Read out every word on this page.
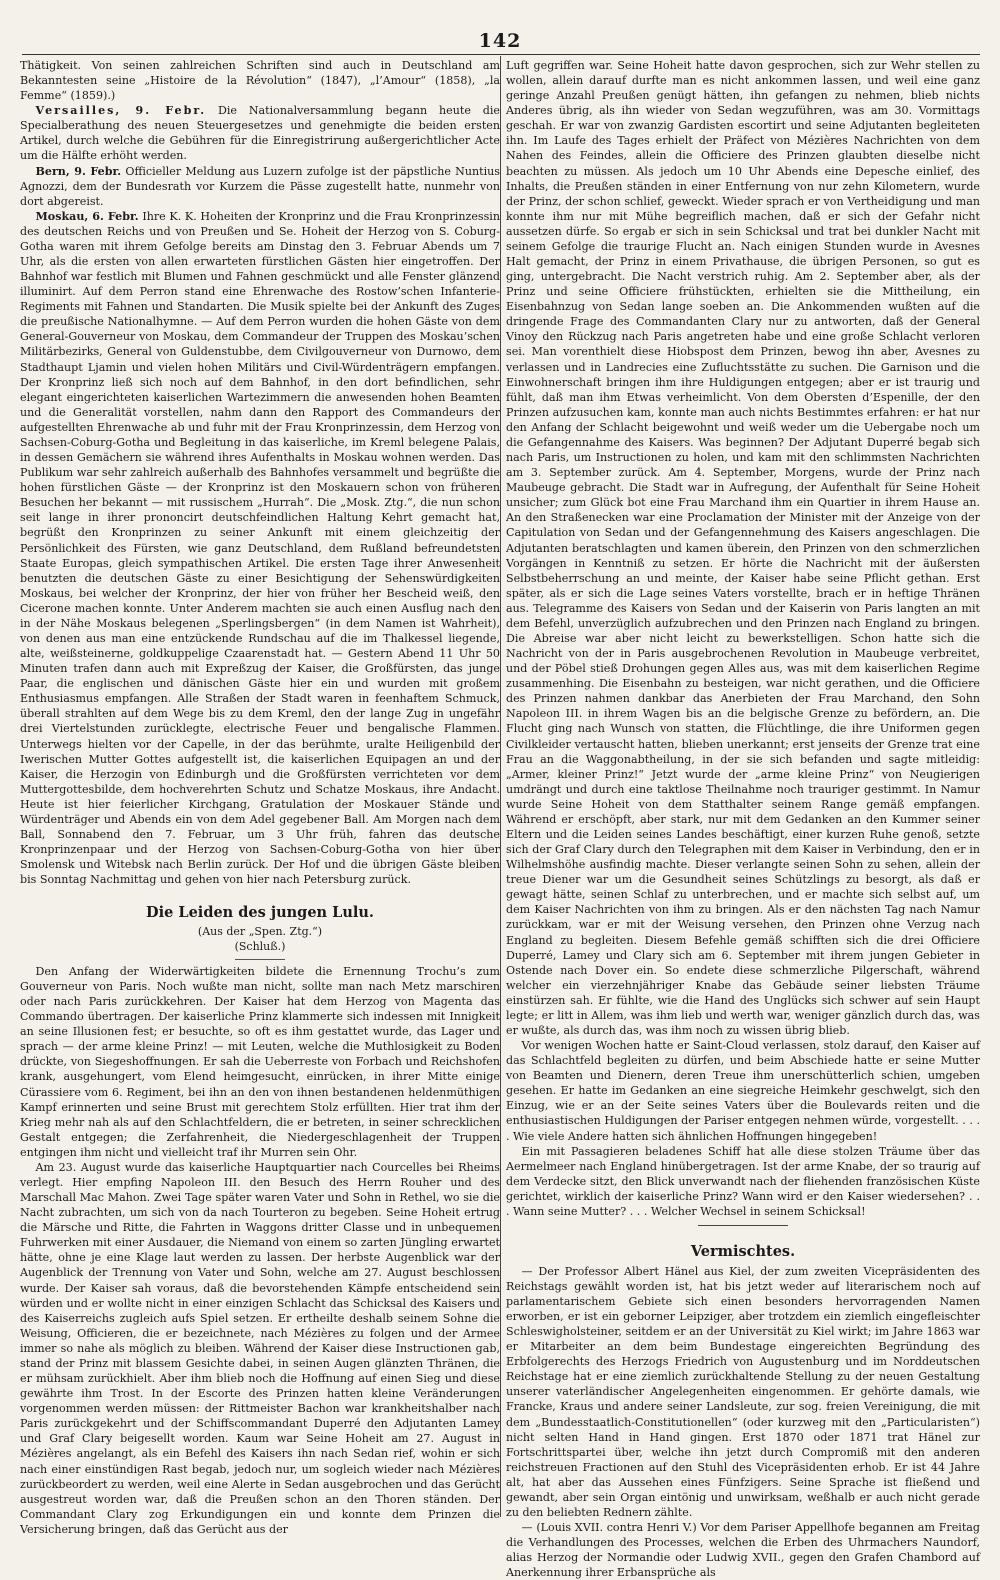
142

Thätigkeit. Von seinen zahlreichen Schriften sind auch in Deutschland am Bekanntesten seine „Histoire de la Révolution“ (1847), „l’Amour“ (1858), „la Femme“ (1859).)

Versailles, 9. Febr. Die Nationalversammlung begann heute die Specialberathung des neuen Steuergesetzes und genehmigte die beiden ersten Artikel, durch welche die Gebühren für die Einregistrirung außergerichtlicher Acte um die Hälfte erhöht werden.

Bern, 9. Febr. Officieller Meldung aus Luzern zufolge ist der päpstliche Nuntius Agnozzi, dem der Bundesrath vor Kurzem die Pässe zugestellt hatte, nunmehr von dort abgereist.

Moskau, 6. Febr. Ihre K. K. Hoheiten der Kronprinz und die Frau Kronprinzessin des deutschen Reichs und von Preußen und Se. Hoheit der Herzog von S. Coburg-Gotha waren mit ihrem Gefolge bereits am Dinstag den 3. Februar Abends um 7 Uhr, als die ersten von allen erwarteten fürstlichen Gästen hier eingetroffen. Der Bahnhof war festlich mit Blumen und Fahnen geschmückt und alle Fenster glänzend illuminirt. Auf dem Perron stand eine Ehrenwache des Rostow’schen Infanterie-Regiments mit Fahnen und Standarten. Die Musik spielte bei der Ankunft des Zuges die preußische Nationalhymne. — Auf dem Perron wurden die hohen Gäste von dem General-Gouverneur von Moskau, dem Commandeur der Truppen des Moskau’schen Militärbezirks, General von Guldenstubbe, dem Civilgouverneur von Durnowo, dem Stadthaupt Ljamin und vielen hohen Militärs und Civil-Würdenträgern empfangen. Der Kronprinz ließ sich noch auf dem Bahnhof, in den dort befindlichen, sehr elegant eingerichteten kaiserlichen Wartezimmern die anwesenden hohen Beamten und die Generalität vorstellen, nahm dann den Rapport des Commandeurs der aufgestellten Ehrenwache ab und fuhr mit der Frau Kronprinzessin, dem Herzog von Sachsen-Coburg-Gotha und Begleitung in das kaiserliche, im Kreml belegene Palais, in dessen Gemächern sie während ihres Aufenthalts in Moskau wohnen werden. Das Publikum war sehr zahlreich außerhalb des Bahnhofes versammelt und begrüßte die hohen fürstlichen Gäste — der Kronprinz ist den Moskauern schon von früheren Besuchen her bekannt — mit russischem „Hurrah“. Die „Mosk. Ztg.“, die nun schon seit lange in ihrer prononcirt deutschfeindlichen Haltung Kehrt gemacht hat, begrüßt den Kronprinzen zu seiner Ankunft mit einem gleichzeitig der Persönlichkeit des Fürsten, wie ganz Deutschland, dem Rußland befreundetsten Staate Europas, gleich sympathischen Artikel. Die ersten Tage ihrer Anwesenheit benutzten die deutschen Gäste zu einer Besichtigung der Sehenswürdigkeiten Moskaus, bei welcher der Kronprinz, der hier von früher her Bescheid weiß, den Cicerone machen konnte. Unter Anderem machten sie auch einen Ausflug nach den in der Nähe Moskaus belegenen „Sperlingsbergen“ (in dem Namen ist Wahrheit), von denen aus man eine entzückende Rundschau auf die im Thalkessel liegende, alte, weißsteinerne, goldkuppelige Czaarenstadt hat. — Gestern Abend 11 Uhr 50 Minuten trafen dann auch mit Expreßzug der Kaiser, die Großfürsten, das junge Paar, die englischen und dänischen Gäste hier ein und wurden mit großem Enthusiasmus empfangen. Alle Straßen der Stadt waren in feenhaftem Schmuck, überall strahlten auf dem Wege bis zu dem Kreml, den der lange Zug in ungefähr drei Viertelstunden zurücklegte, electrische Feuer und bengalische Flammen. Unterwegs hielten vor der Capelle, in der das berühmte, uralte Heiligenbild der Iwerischen Mutter Gottes aufgestellt ist, die kaiserlichen Equipagen an und der Kaiser, die Herzogin von Edinburgh und die Großfürsten verrichteten vor dem Muttergottesbilde, dem hochverehrten Schutz und Schatze Moskaus, ihre Andacht. Heute ist hier feierlicher Kirchgang, Gratulation der Moskauer Stände und Würdenträger und Abends ein von dem Adel gegebener Ball. Am Morgen nach dem Ball, Sonnabend den 7. Februar, um 3 Uhr früh, fahren das deutsche Kronprinzenpaar und der Herzog von Sachsen-Coburg-Gotha von hier über Smolensk und Witebsk nach Berlin zurück. Der Hof und die übrigen Gäste bleiben bis Sonntag Nachmittag und gehen von hier nach Petersburg zurück.

Die Leiden des jungen Lulu.
(Aus der „Spen. Ztg.“)
(Schluß.)

Den Anfang der Widerwärtigkeiten bildete die Ernennung Trochu’s zum Gouverneur von Paris. Noch wußte man nicht, sollte man nach Metz marschiren oder nach Paris zurückkehren. Der Kaiser hat dem Herzog von Magenta das Commando übertragen. Der kaiserliche Prinz klammerte sich indessen mit Innigkeit an seine Illusionen fest; er besuchte, so oft es ihm gestattet wurde, das Lager und sprach — der arme kleine Prinz! — mit Leuten, welche die Muthlosigkeit zu Boden drückte, von Siegeshoffnungen. Er sah die Ueberreste von Forbach und Reichshofen krank, ausgehungert, vom Elend heimgesucht, einrücken, in ihrer Mitte einige Cürassiere vom 6. Regiment, bei ihn an den von ihnen bestandenen heldenmüthigen Kampf erinnerten und seine Brust mit gerechtem Stolz erfüllten. Hier trat ihm der Krieg mehr nah als auf den Schlachtfeldern, die er betreten, in seiner schrecklichen Gestalt entgegen; die Zerfahrenheit, die Niedergeschlagenheit der Truppen entgingen ihm nicht und vielleicht traf ihr Murren sein Ohr.

Am 23. August wurde das kaiserliche Hauptquartier nach Courcelles bei Rheims verlegt. Hier empfing Napoleon III. den Besuch des Herrn Rouher und des Marschall Mac Mahon. Zwei Tage später waren Vater und Sohn in Rethel, wo sie die Nacht zubrachten, um sich von da nach Tourteron zu begeben. Seine Hoheit ertrug die Märsche und Ritte, die Fahrten in Waggons dritter Classe und in unbequemen Fuhrwerken mit einer Ausdauer, die Niemand von einem so zarten Jüngling erwartet hätte, ohne je eine Klage laut werden zu lassen. Der herbste Augenblick war der Augenblick der Trennung von Vater und Sohn, welche am 27. August beschlossen wurde. Der Kaiser sah voraus, daß die bevorstehenden Kämpfe entscheidend sein würden und er wollte nicht in einer einzigen Schlacht das Schicksal des Kaisers und des Kaiserreichs zugleich aufs Spiel setzen. Er ertheilte deshalb seinem Sohne die Weisung, Officieren, die er bezeichnete, nach Mézières zu folgen und der Armee immer so nahe als möglich zu bleiben. Während der Kaiser diese Instructionen gab, stand der Prinz mit blassem Gesichte dabei, in seinen Augen glänzten Thränen, die er mühsam zurückhielt. Aber ihm blieb noch die Hoffnung auf einen Sieg und diese gewährte ihm Trost. In der Escorte des Prinzen hatten kleine Veränderungen vorgenommen werden müssen: der Rittmeister Bachon war krankheitshalber nach Paris zurückgekehrt und der Schiffscommandant Duperré den Adjutanten Lamey und Graf Clary beigesellt worden. Kaum war Seine Hoheit am 27. August in Mézières angelangt, als ein Befehl des Kaisers ihn nach Sedan rief, wohin er sich nach einer einstündigen Rast begab, jedoch nur, um sogleich wieder nach Mézières zurückbeordert zu werden, weil eine Alerte in Sedan ausgebrochen und das Gerücht ausgestreut worden war, daß die Preußen schon an den Thoren ständen. Der Commandant Clary zog Erkundigungen ein und konnte dem Prinzen die Versicherung bringen, daß das Gerücht aus der

Luft gegriffen war. Seine Hoheit hatte davon gesprochen, sich zur Wehr stellen zu wollen, allein darauf durfte man es nicht ankommen lassen, und weil eine ganz geringe Anzahl Preußen genügt hätten, ihn gefangen zu nehmen, blieb nichts Anderes übrig, als ihn wieder von Sedan wegzuführen, was am 30. Vormittags geschah. Er war von zwanzig Gardisten escortirt und seine Adjutanten begleiteten ihn. Im Laufe des Tages erhielt der Präfect von Mézières Nachrichten von dem Nahen des Feindes, allein die Officiere des Prinzen glaubten dieselbe nicht beachten zu müssen. Als jedoch um 10 Uhr Abends eine Depesche einlief, des Inhalts, die Preußen ständen in einer Entfernung von nur zehn Kilometern, wurde der Prinz, der schon schlief, geweckt. Wieder sprach er von Vertheidigung und man konnte ihm nur mit Mühe begreiflich machen, daß er sich der Gefahr nicht aussetzen dürfe. So ergab er sich in sein Schicksal und trat bei dunkler Nacht mit seinem Gefolge die traurige Flucht an. Nach einigen Stunden wurde in Avesnes Halt gemacht, der Prinz in einem Privathause, die übrigen Personen, so gut es ging, untergebracht. Die Nacht verstrich ruhig. Am 2. September aber, als der Prinz und seine Officiere frühstückten, erhielten sie die Mittheilung, ein Eisenbahnzug von Sedan lange soeben an. Die Ankommenden wußten auf die dringende Frage des Commandanten Clary nur zu antworten, daß der General Vinoy den Rückzug nach Paris angetreten habe und eine große Schlacht verloren sei. Man vorenthielt diese Hiobspost dem Prinzen, bewog ihn aber, Avesnes zu verlassen und in Landrecies eine Zufluchtsstätte zu suchen. Die Garnison und die Einwohnerschaft bringen ihm ihre Huldigungen entgegen; aber er ist traurig und fühlt, daß man ihm Etwas verheimlicht. Von dem Obersten d’Espenille, der den Prinzen aufzusuchen kam, konnte man auch nichts Bestimmtes erfahren: er hat nur den Anfang der Schlacht beigewohnt und weiß weder um die Uebergabe noch um die Gefangennahme des Kaisers. Was beginnen? Der Adjutant Duperré begab sich nach Paris, um Instructionen zu holen, und kam mit den schlimmsten Nachrichten am 3. September zurück. Am 4. September, Morgens, wurde der Prinz nach Maubeuge gebracht. Die Stadt war in Aufregung, der Aufenthalt für Seine Hoheit unsicher; zum Glück bot eine Frau Marchand ihm ein Quartier in ihrem Hause an. An den Straßenecken war eine Proclamation der Minister mit der Anzeige von der Capitulation von Sedan und der Gefangennehmung des Kaisers angeschlagen. Die Adjutanten beratschlagten und kamen überein, den Prinzen von den schmerzlichen Vorgängen in Kenntniß zu setzen. Er hörte die Nachricht mit der äußersten Selbstbeherrschung an und meinte, der Kaiser habe seine Pflicht gethan. Erst später, als er sich die Lage seines Vaters vorstellte, brach er in heftige Thränen aus. Telegramme des Kaisers von Sedan und der Kaiserin von Paris langten an mit dem Befehl, unverzüglich aufzubrechen und den Prinzen nach England zu bringen. Die Abreise war aber nicht leicht zu bewerkstelligen. Schon hatte sich die Nachricht von der in Paris ausgebrochenen Revolution in Maubeuge verbreitet, und der Pöbel stieß Drohungen gegen Alles aus, was mit dem kaiserlichen Regime zusammenhing. Die Eisenbahn zu besteigen, war nicht gerathen, und die Officiere des Prinzen nahmen dankbar das Anerbieten der Frau Marchand, den Sohn Napoleon III. in ihrem Wagen bis an die belgische Grenze zu befördern, an. Die Flucht ging nach Wunsch von statten, die Flüchtlinge, die ihre Uniformen gegen Civilkleider vertauscht hatten, blieben unerkannt; erst jenseits der Grenze trat eine Frau an die Waggonabtheilung, in der sie sich befanden und sagte mitleidig: „Armer, kleiner Prinz!“ Jetzt wurde der „arme kleine Prinz“ von Neugierigen umdrängt und durch eine taktlose Theilnahme noch trauriger gestimmt. In Namur wurde Seine Hoheit von dem Statthalter seinem Range gemäß empfangen. Während er erschöpft, aber stark, nur mit dem Gedanken an den Kummer seiner Eltern und die Leiden seines Landes beschäftigt, einer kurzen Ruhe genoß, setzte sich der Graf Clary durch den Telegraphen mit dem Kaiser in Verbindung, den er in Wilhelmshöhe ausfindig machte. Dieser verlangte seinen Sohn zu sehen, allein der treue Diener war um die Gesundheit seines Schützlings zu besorgt, als daß er gewagt hätte, seinen Schlaf zu unterbrechen, und er machte sich selbst auf, um dem Kaiser Nachrichten von ihm zu bringen. Als er den nächsten Tag nach Namur zurückkam, war er mit der Weisung versehen, den Prinzen ohne Verzug nach England zu begleiten. Diesem Befehle gemäß schifften sich die drei Officiere Duperré, Lamey und Clary sich am 6. September mit ihrem jungen Gebieter in Ostende nach Dover ein. So endete diese schmerzliche Pilgerschaft, während welcher ein vierzehnjähriger Knabe das Gebäude seiner liebsten Träume einstürzen sah. Er fühlte, wie die Hand des Unglücks sich schwer auf sein Haupt legte; er litt in Allem, was ihm lieb und werth war, weniger gänzlich durch das, was er wußte, als durch das, was ihm noch zu wissen übrig blieb.

Vor wenigen Wochen hatte er Saint-Cloud verlassen, stolz darauf, den Kaiser auf das Schlachtfeld begleiten zu dürfen, und beim Abschiede hatte er seine Mutter von Beamten und Dienern, deren Treue ihm unerschütterlich schien, umgeben gesehen. Er hatte im Gedanken an eine siegreiche Heimkehr geschwelgt, sich den Einzug, wie er an der Seite seines Vaters über die Boulevards reiten und die enthusiastischen Huldigungen der Pariser entgegen nehmen würde, vorgestellt. . . . . Wie viele Andere hatten sich ähnlichen Hoffnungen hingegeben!

Ein mit Passagieren beladenes Schiff hat alle diese stolzen Träume über das Aermelmeer nach England hinübergetragen. Ist der arme Knabe, der so traurig auf dem Verdecke sitzt, den Blick unverwandt nach der fliehenden französischen Küste gerichtet, wirklich der kaiserliche Prinz? Wann wird er den Kaiser wiedersehen? . . . Wann seine Mutter? . . . Welcher Wechsel in seinem Schicksal!

Vermischtes.

— Der Professor Albert Hänel aus Kiel, der zum zweiten Vicepräsidenten des Reichstags gewählt worden ist, hat bis jetzt weder auf literarischem noch auf parlamentarischem Gebiete sich einen besonders hervorragenden Namen erworben, er ist ein geborner Leipziger, aber trotzdem ein ziemlich eingefleischter Schleswigholsteiner, seitdem er an der Universität zu Kiel wirkt; im Jahre 1863 war er Mitarbeiter an dem beim Bundestage eingereichten Begründung des Erbfolgerechts des Herzogs Friedrich von Augustenburg und im Norddeutschen Reichstage hat er eine ziemlich zurückhaltende Stellung zu der neuen Gestaltung unserer vaterländischer Angelegenheiten eingenommen. Er gehörte damals, wie Francke, Kraus und andere seiner Landsleute, zur sog. freien Vereinigung, die mit dem „Bundesstaatlich-Constitutionellen“ (oder kurzweg mit den „Particularisten“) nicht selten Hand in Hand gingen. Erst 1870 oder 1871 trat Hänel zur Fortschrittspartei über, welche ihn jetzt durch Compromiß mit den anderen reichstreuen Fractionen auf den Stuhl des Vicepräsidenten erhob. Er ist 44 Jahre alt, hat aber das Aussehen eines Fünfzigers. Seine Sprache ist fließend und gewandt, aber sein Organ eintönig und unwirksam, weßhalb er auch nicht gerade zu den beliebten Rednern zählte.

— (Louis XVII. contra Henri V.) Vor dem Pariser Appellhofe begannen am Freitag die Verhandlungen des Processes, welchen die Erben des Uhrmachers Naundorf, alias Herzog der Normandie oder Ludwig XVII., gegen den Grafen Chambord auf Anerkennung ihrer Erbansprüche als
